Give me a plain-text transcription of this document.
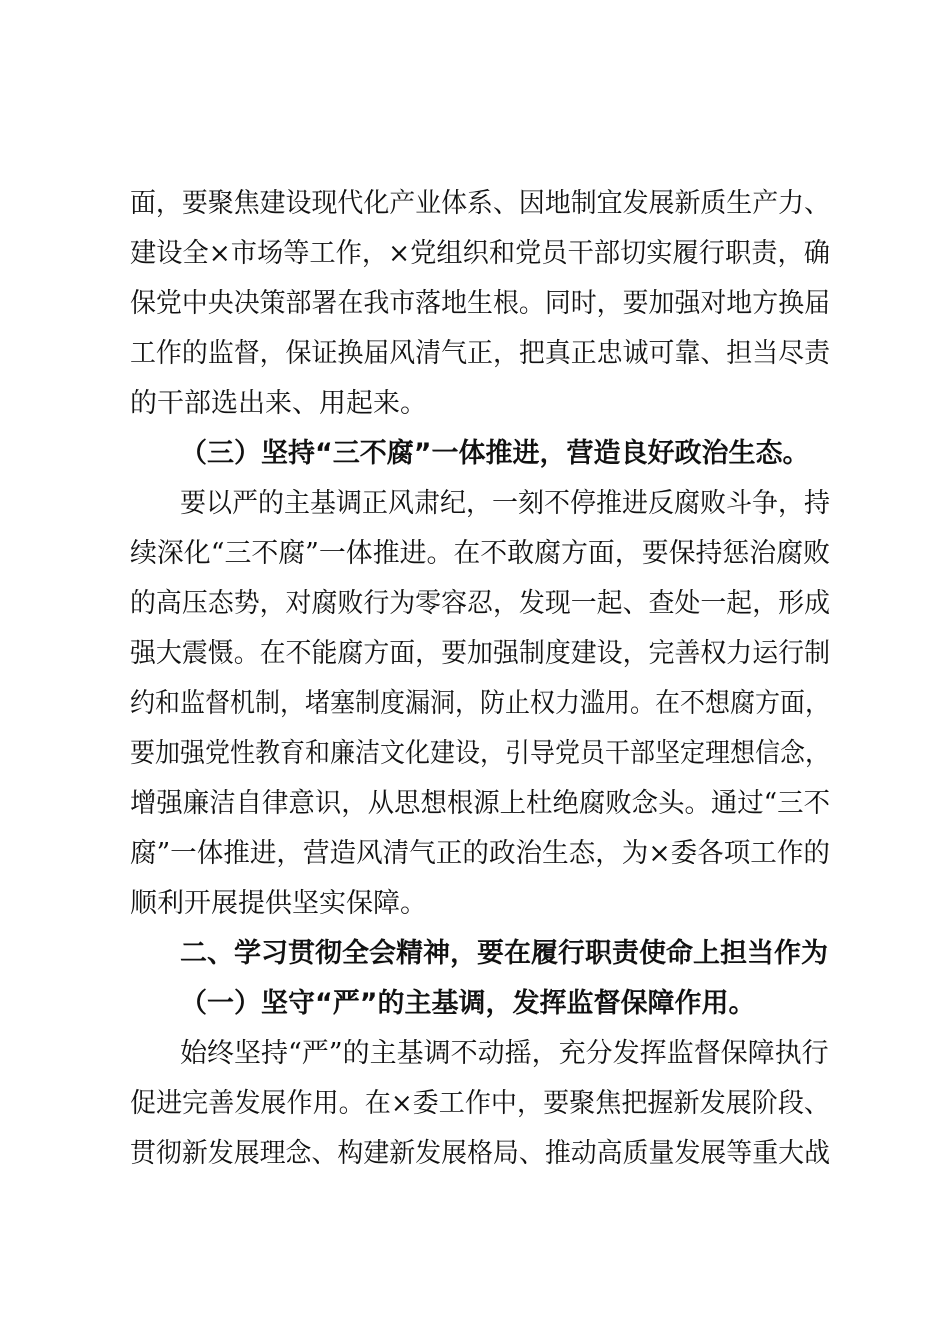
面，要聚焦建设现代化产业体系、因地制宜发展新质生产力、
建设全×市场等工作，×党组织和党员干部切实履行职责，确
保党中央决策部署在我市落地生根。同时，要加强对地方换届
工作的监督，保证换届风清气正，把真正忠诚可靠、担当尽责
的干部选出来、用起来。
（三）坚持“三不腐”一体推进，营造良好政治生态。
要以严的主基调正风肃纪，一刻不停推进反腐败斗争，持
续深化“三不腐”一体推进。在不敢腐方面，要保持惩治腐败
的高压态势，对腐败行为零容忍，发现一起、查处一起，形成
强大震慑。在不能腐方面，要加强制度建设，完善权力运行制
约和监督机制，堵塞制度漏洞，防止权力滥用。在不想腐方面，
要加强党性教育和廉洁文化建设，引导党员干部坚定理想信念，
增强廉洁自律意识，从思想根源上杜绝腐败念头。通过“三不
腐”一体推进，营造风清气正的政治生态，为×委各项工作的
顺利开展提供坚实保障。
二、学习贯彻全会精神，要在履行职责使命上担当作为
（一）坚守“严”的主基调，发挥监督保障作用。
始终坚持“严”的主基调不动摇，充分发挥监督保障执行
促进完善发展作用。在×委工作中，要聚焦把握新发展阶段、
贯彻新发展理念、构建新发展格局、推动高质量发展等重大战
